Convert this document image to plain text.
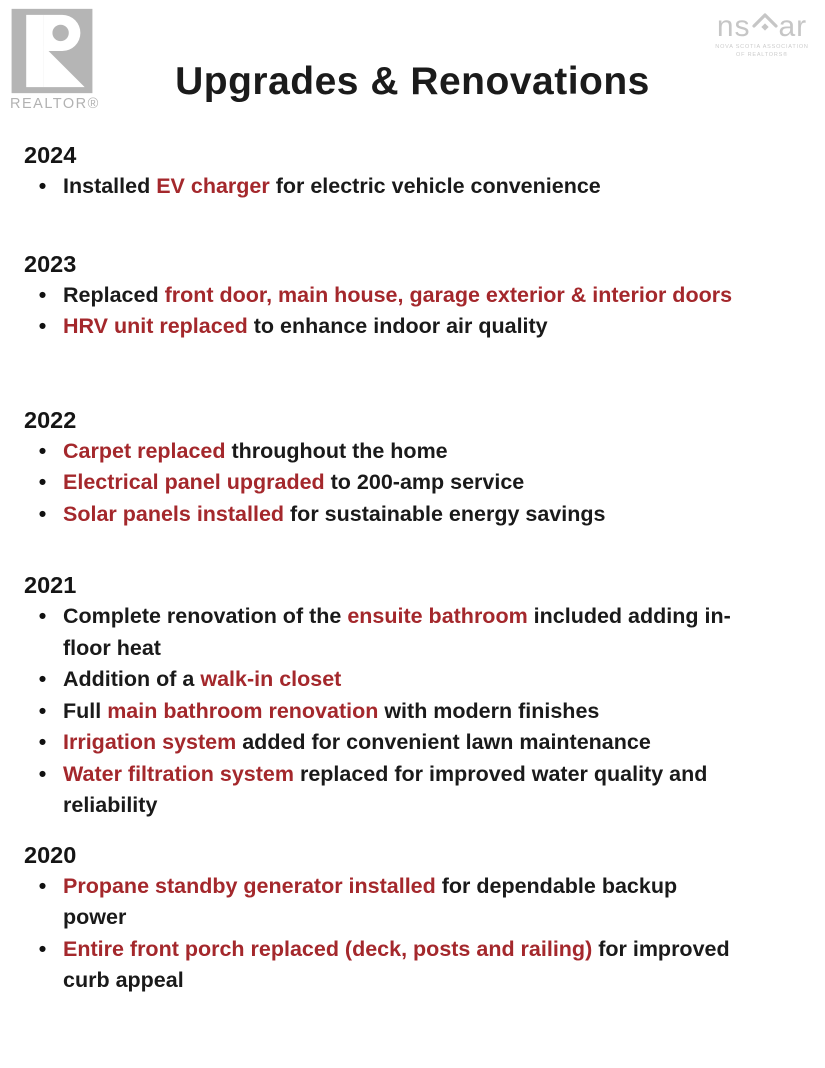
REALTOR®
Upgrades & Renovations
ns ar
NOVA SCOTIA ASSOCIATION
OF REALTORS®
2024
• Installed EV charger for electric vehicle convenience
2023
• Replaced front door, main house, garage exterior & interior doors
• HRV unit replaced to enhance indoor air quality
2022
• Carpet replaced throughout the home
• Electrical panel upgraded to 200-amp service
• Solar panels installed for sustainable energy savings
2021
• Complete renovation of the ensuite bathroom included adding in-
floor heat
• Addition of a walk-in closet
• Full main bathroom renovation with modern finishes
• Irrigation system added for convenient lawn maintenance
• Water filtration system replaced for improved water quality and
reliability
2020
• Propane standby generator installed for dependable backup
power
• Entire front porch replaced (deck, posts and railing) for improved
curb appeal
